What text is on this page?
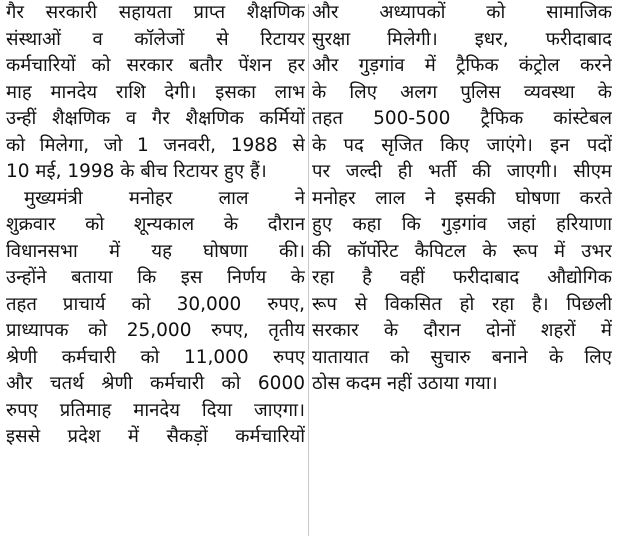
गैर सरकारी सहायता प्राप्त शैक्षणिक
संस्थाओं व कॉलेजों से रिटायर
कर्मचारियों को सरकार बतौर पेंशन हर
माह मानदेय राशि देगी। इसका लाभ
उन्हीं शैक्षणिक व गैर शैक्षणिक कर्मियों
को मिलेगा, जो 1 जनवरी, 1988 से
10 मई, 1998 के बीच रिटायर हुए हैं।
मुख्यमंत्री मनोहर लाल ने
शुक्रवार को शून्यकाल के दौरान
विधानसभा में यह घोषणा की।
उन्होंने बताया कि इस निर्णय के
तहत प्राचार्य को 30,000 रुपए,
प्राध्यापक को 25,000 रुपए, तृतीय
श्रेणी कर्मचारी को 11,000 रुपए
और चतर्थ श्रेणी कर्मचारी को 6000
रुपए प्रतिमाह मानदेय दिया जाएगा।
इससे प्रदेश में सैकड़ों कर्मचारियों
और अध्यापकों को सामाजिक
सुरक्षा मिलेगी। इधर, फरीदाबाद
और गुड़गांव में ट्रैफिक कंट्रोल करने
के लिए अलग पुलिस व्यवस्था के
तहत 500-500 ट्रैफिक कांस्टेबल
के पद सृजित किए जाएंगे। इन पदों
पर जल्दी ही भर्ती की जाएगी। सीएम
मनोहर लाल ने इसकी घोषणा करते
हुए कहा कि गुड़गांव जहां हरियाणा
की कॉर्पोरेट कैपिटल के रूप में उभर
रहा है वहीं फरीदाबाद औद्योगिक
रूप से विकसित हो रहा है। पिछली
सरकार के दौरान दोनों शहरों में
यातायात को सुचारु बनाने के लिए
ठोस कदम नहीं उठाया गया।
